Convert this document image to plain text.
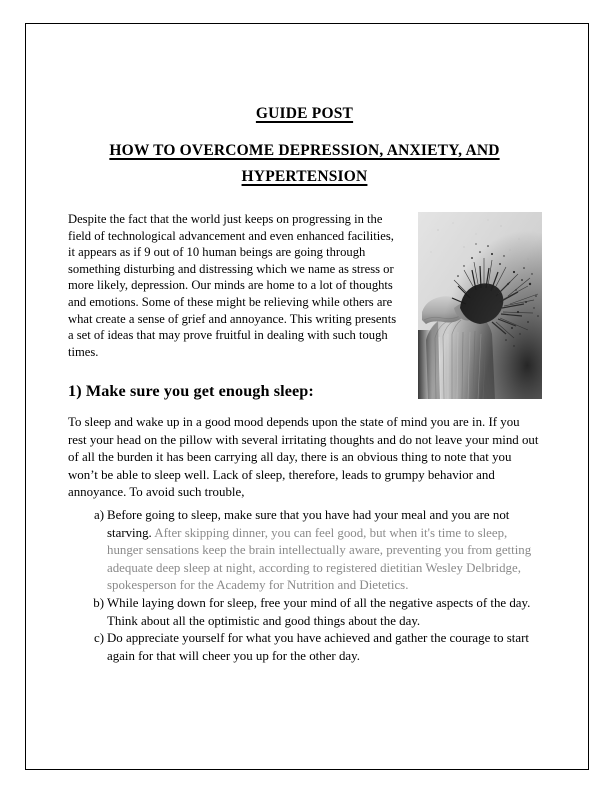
GUIDE POST
HOW TO OVERCOME DEPRESSION, ANXIETY, AND
HYPERTENSION

Despite the fact that the world just keeps on progressing in the field of technological advancement and even enhanced facilities, it appears as if 9 out of 10 human beings are going through something disturbing and distressing which we name as stress or more likely, depression. Our minds are home to a lot of thoughts and emotions. Some of these might be relieving while others are what create a sense of grief and annoyance. This writing presents a set of ideas that may prove fruitful in dealing with such tough times.

1) Make sure you get enough sleep:

To sleep and wake up in a good mood depends upon the state of mind you are in. If you rest your head on the pillow with several irritating thoughts and do not leave your mind out of all the burden it has been carrying all day, there is an obvious thing to note that you won’t be able to sleep well. Lack of sleep, therefore, leads to grumpy behavior and annoyance. To avoid such trouble,

a) Before going to sleep, make sure that you have had your meal and you are not starving. After skipping dinner, you can feel good, but when it's time to sleep, hunger sensations keep the brain intellectually aware, preventing you from getting adequate deep sleep at night, according to registered dietitian Wesley Delbridge, spokesperson for the Academy for Nutrition and Dietetics.
b) While laying down for sleep, free your mind of all the negative aspects of the day. Think about all the optimistic and good things about the day.
c) Do appreciate yourself for what you have achieved and gather the courage to start again for that will cheer you up for the other day.
